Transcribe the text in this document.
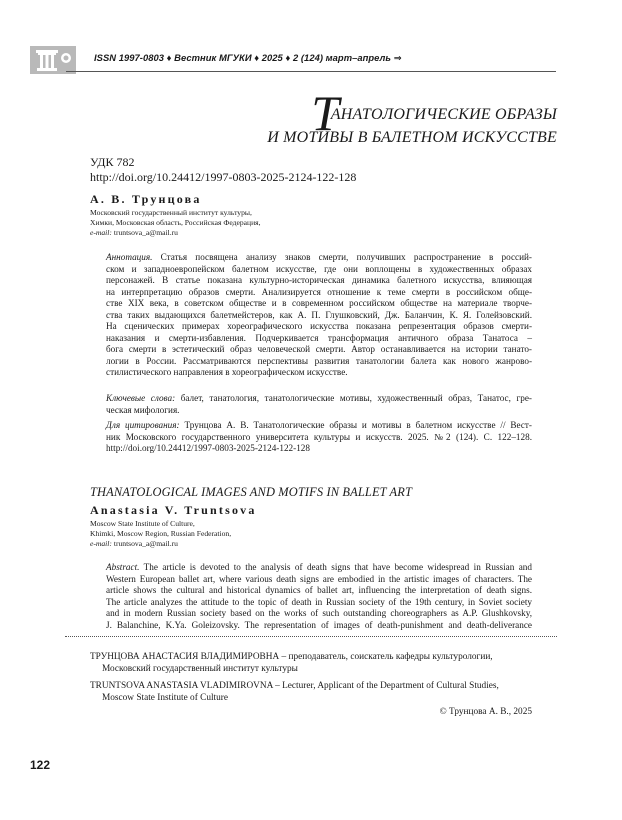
ISSN 1997-0803 ♦ Вестник МГУКИ ♦ 2025 ♦ 2 (124) март–апрель ⇒
Т
АНАТОЛОГИЧЕСКИЕ ОБРАЗЫ
И МОТИВЫ В БАЛЕТНОМ ИСКУССТВЕ
УДК 782
http://doi.org/10.24412/1997-0803-2025-2124-122-128
А. В. Трунцова
Московский государственный институт культуры,
Химки, Московская область, Российская Федерация,
e-mail: truntsova_a@mail.ru
Аннотация. Статья посвящена анализу знаков смерти, получивших распространение в россий-
ском и западноевропейском балетном искусстве, где они воплощены в художественных образах
персонажей. В статье показана культурно-историческая динамика балетного искусства, влияющая
на интерпретацию образов смерти. Анализируется отношение к теме смерти в российском обще-
стве XIX века, в советском обществе и в современном российском обществе на материале творче-
ства таких выдающихся балетмейстеров, как А. П. Глушковский, Дж. Баланчин, К. Я. Голейзовский.
На сценических примерах хореографического искусства показана репрезентация образов смерти-
наказания и смерти-избавления. Подчеркивается трансформация античного образа Танатоса –
бога смерти в эстетический образ человеческой смерти. Автор останавливается на истории танато-
логии в России. Рассматриваются перспективы развития танатологии балета как нового жанрово-
стилистического направления в хореографическом искусстве.
Ключевые слова: балет, танатология, танатологические мотивы, художественный образ, Танатос, гре-
ческая мифология.
Для цитирования: Трунцова А. В. Танатологические образы и мотивы в балетном искусстве // Вест-
ник Московского государственного университета культуры и искусств. 2025. №2 (124). С. 122–128.
http://doi.org/10.24412/1997-0803-2025-2124-122-128
THANATOLOGICAL IMAGES AND MOTIFS IN BALLET ART
Anastasia V. Truntsova
Moscow State Institute of Culture,
Khimki, Moscow Region, Russian Federation,
e-mail: truntsova_a@mail.ru
Abstract. The article is devoted to the analysis of death signs that have become widespread in Russian and
Western European ballet art, where various death signs are embodied in the artistic images of characters. The
article shows the cultural and historical dynamics of ballet art, influencing the interpretation of death signs.
The article analyzes the attitude to the topic of death in Russian society of the 19th century, in Soviet society
and in modern Russian society based on the works of such outstanding choreographers as A.P. Glushkovsky,
J. Balanchine, K.Ya. Goleizovsky. The representation of images of death-punishment and death-deliverance
ТРУНЦОВА АНАСТАСИЯ ВЛАДИМИРОВНА – преподаватель, соискатель кафедры культурологии,
Московский государственный институт культуры
TRUNTSOVA ANASTASIA VLADIMIROVNA – Lecturer, Applicant of the Department of Cultural Studies,
Moscow State Institute of Culture
© Трунцова А. В., 2025
122
